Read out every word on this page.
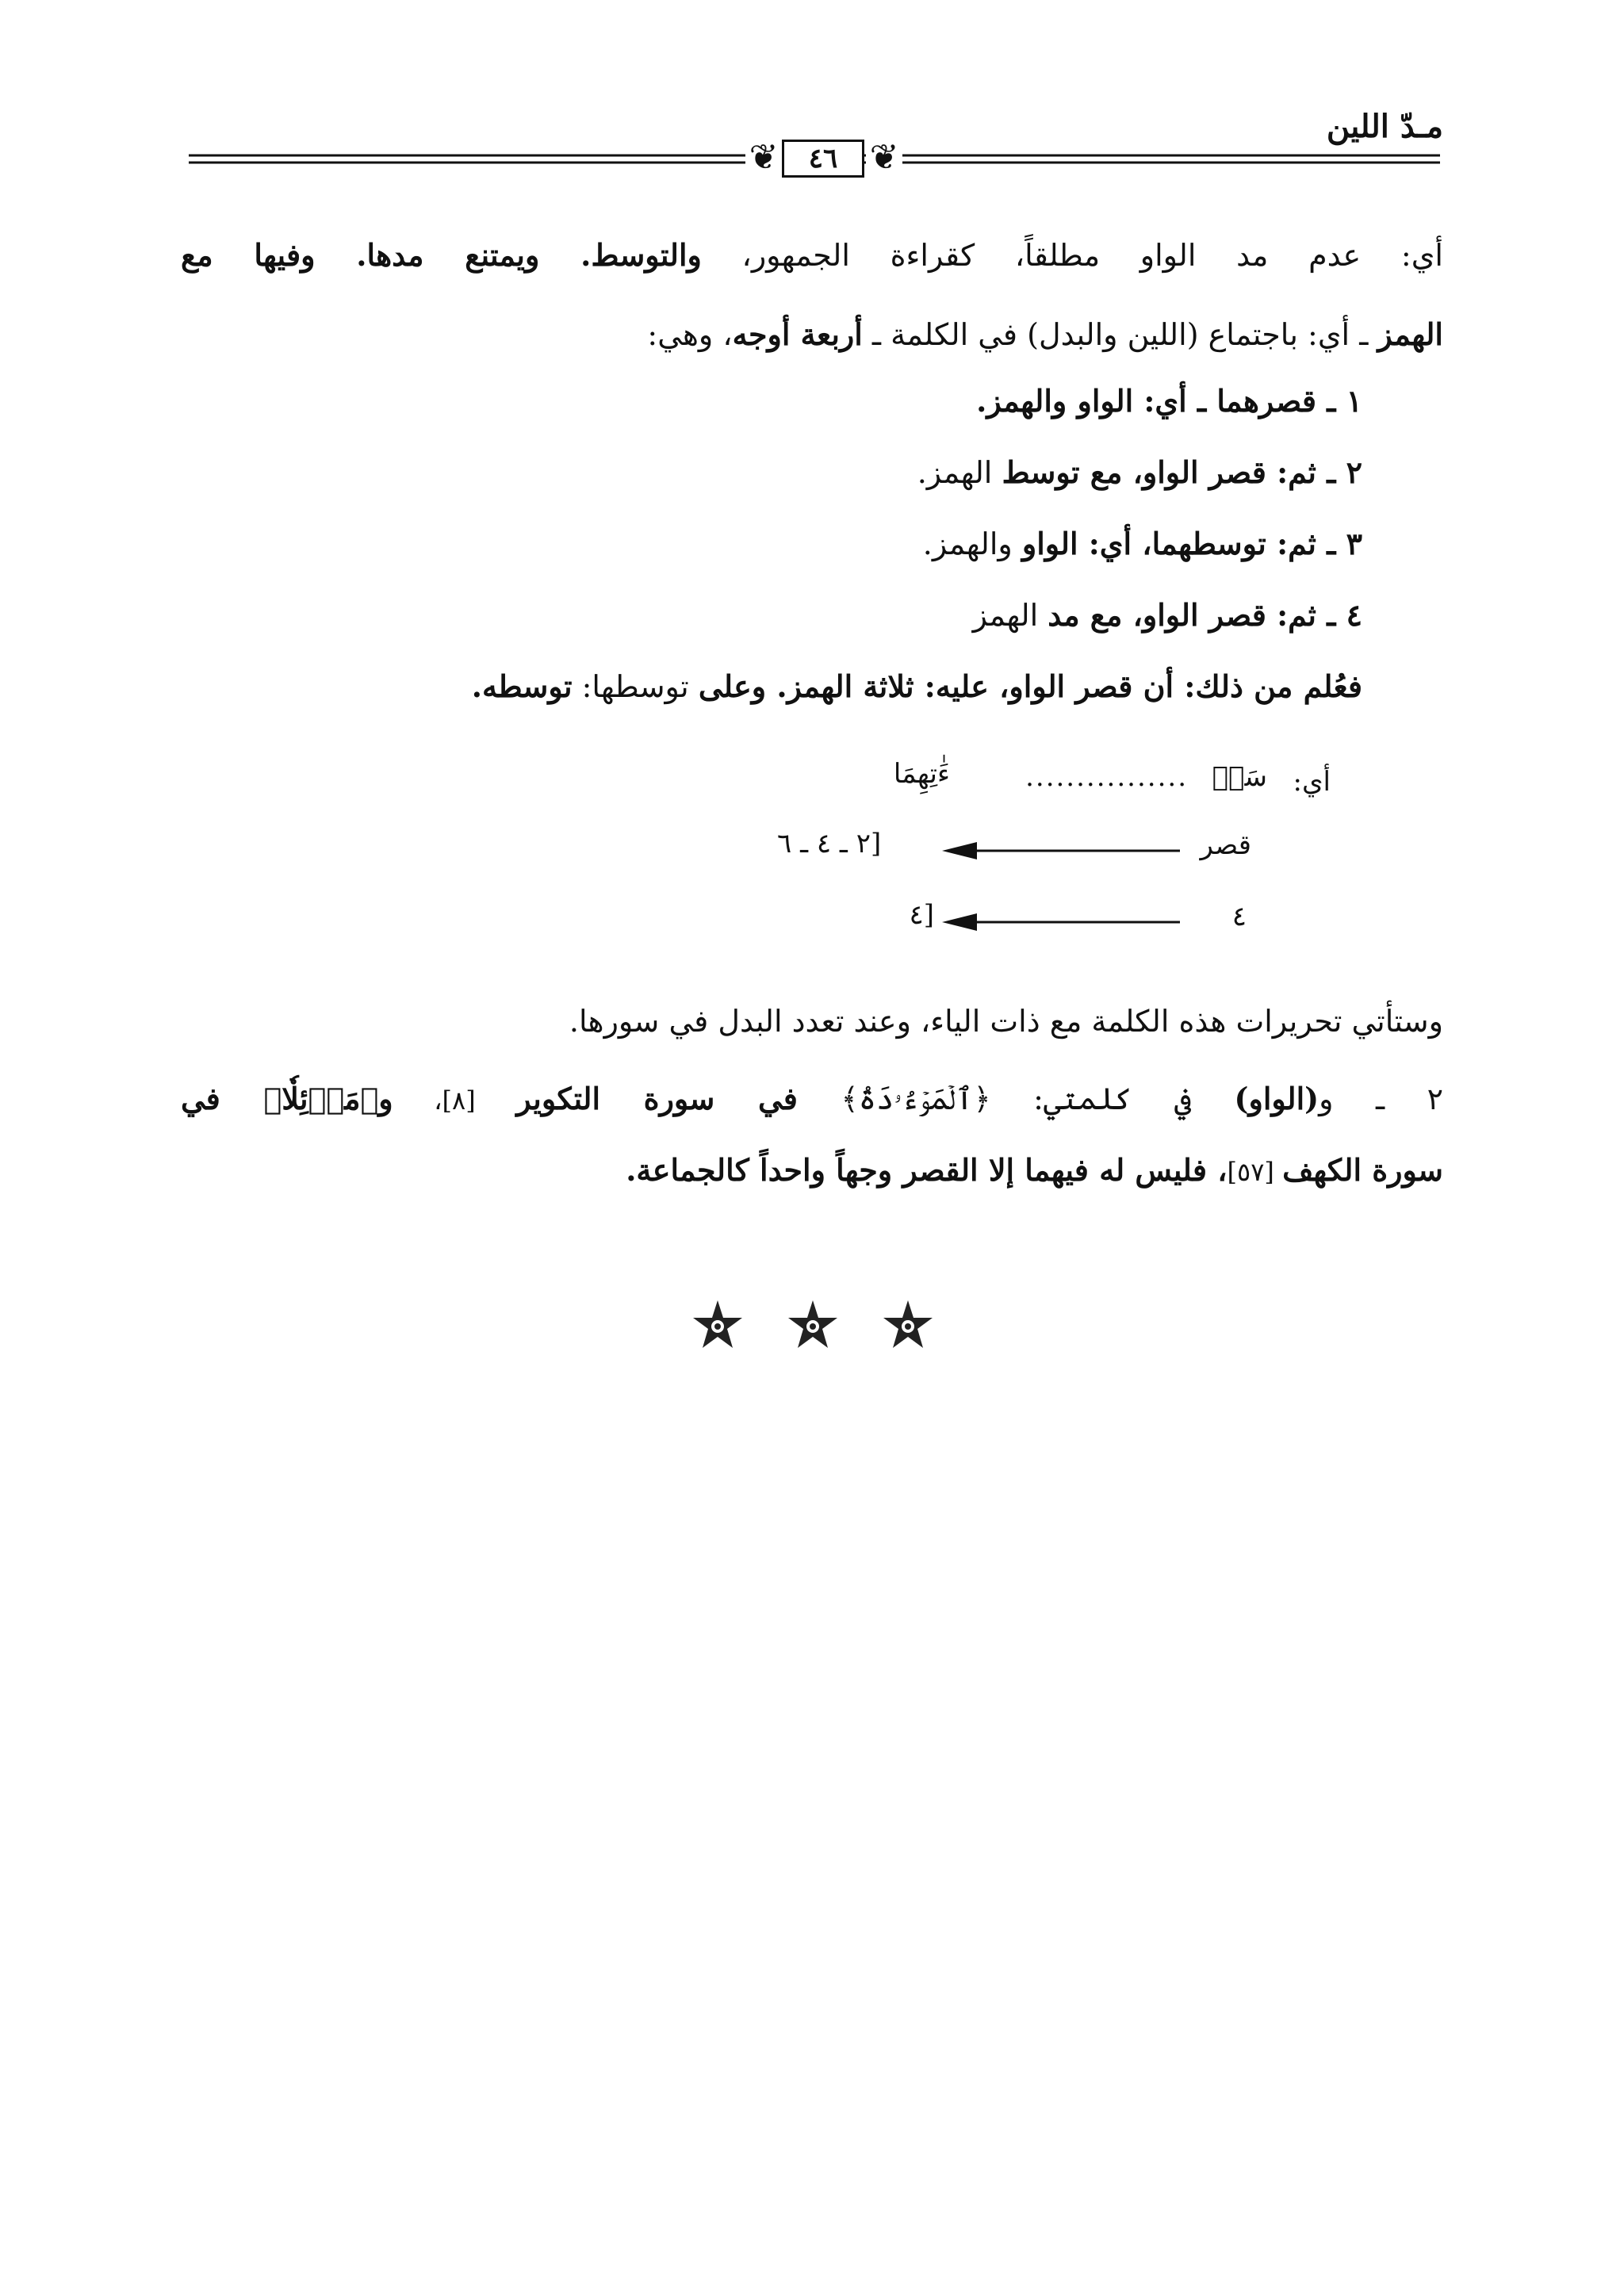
مـدّ اللين
❦
❦	٤٦
أي: عدم مد الواو مطلقاً، كقراءة الجمهور، والتوسط. ويمتنع مدها. وفيها مع
الهمز ـ أي: باجتماع (اللين والبدل) في الكلمة ـ أربعة أوجه، وهي:
١ ـ قصرهما ـ أي: الواو والهمز.
٢ ـ ثم: قصر الواو، مع توسط الهمز.
٣ ـ ثم: توسطهما، أي: الواو والهمز.
٤ ـ ثم: قصر الواو، مع مد الهمز
فعُلم من ذلك: أن قصر الواو، عليه: ثلاثة الهمز. وعلى توسطها: توسطه.
أي:
سَوۡ
................
ءَٰتِهِمَا
قصر
[٢ ـ ٤ ـ ٦
٤
[٤
وستأتي تحريرات هذه الكلمة مع ذات الياء، وعند تعدد البدل في سورها.
٢ ـ و(الواو) في كلمتي: ﴿ٱلۡمَوۡءُۥدَةُ﴾ في سورة التكوير [٨]، و﴿مَوۡئِلٗا﴾ في
سورة الكهف [٥٧]، فليس له فيهما إلا القصر وجهاً واحداً كالجماعة.
